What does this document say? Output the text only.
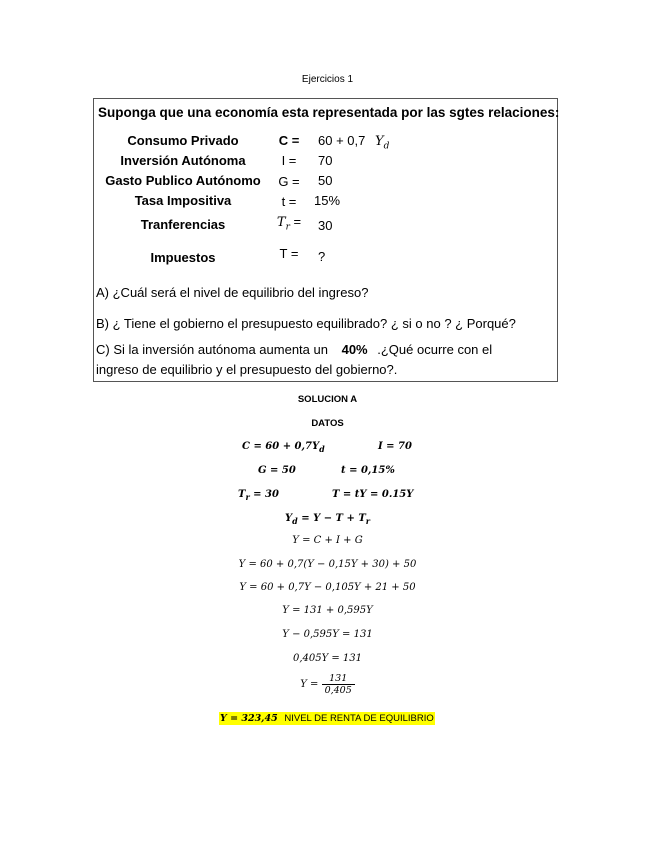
Ejercicios 1
Suponga que una economía esta representada por las sgtes relaciones:
Consumo Privado	C = 60 + 0,7 $Y_d$
Inversión Autónoma	I =	70
Gasto Publico Autónomo	G = 50
Tasa Impositiva	t =	15%
Tranferencias	$T_r = 30$
Impuestos	T = ?
A) ¿Cuál será el nivel de equilibrio del ingreso?
B) ¿ Tiene el gobierno el presupuesto equilibrado? ¿ si o no ? ¿ Porqué?
C) Si la inversión autónoma aumenta un 40% .¿Qué ocurre con el
ingreso de equilibrio y el presupuesto del gobierno?.
SOLUCION A
DATOS
$C = 60 + 0,7Y_d$	I = 70
G = 50	t = 0,15%
$T_r = 30$	T = tY = 0.15Y
$Y_d = Y - T + T_r$
Y = C + I + G
Y = 60 + 0,7(Y − 0,15Y + 30) + 50
Y = 60 + 0,7Y − 0,105Y + 21 + 50
Y = 131 + 0,595Y
Y − 0,595Y = 131
0,405Y = 131
$Y = \frac{131}{0,405}$
Y = 323,45 NIVEL DE RENTA DE EQUILIBRIO
